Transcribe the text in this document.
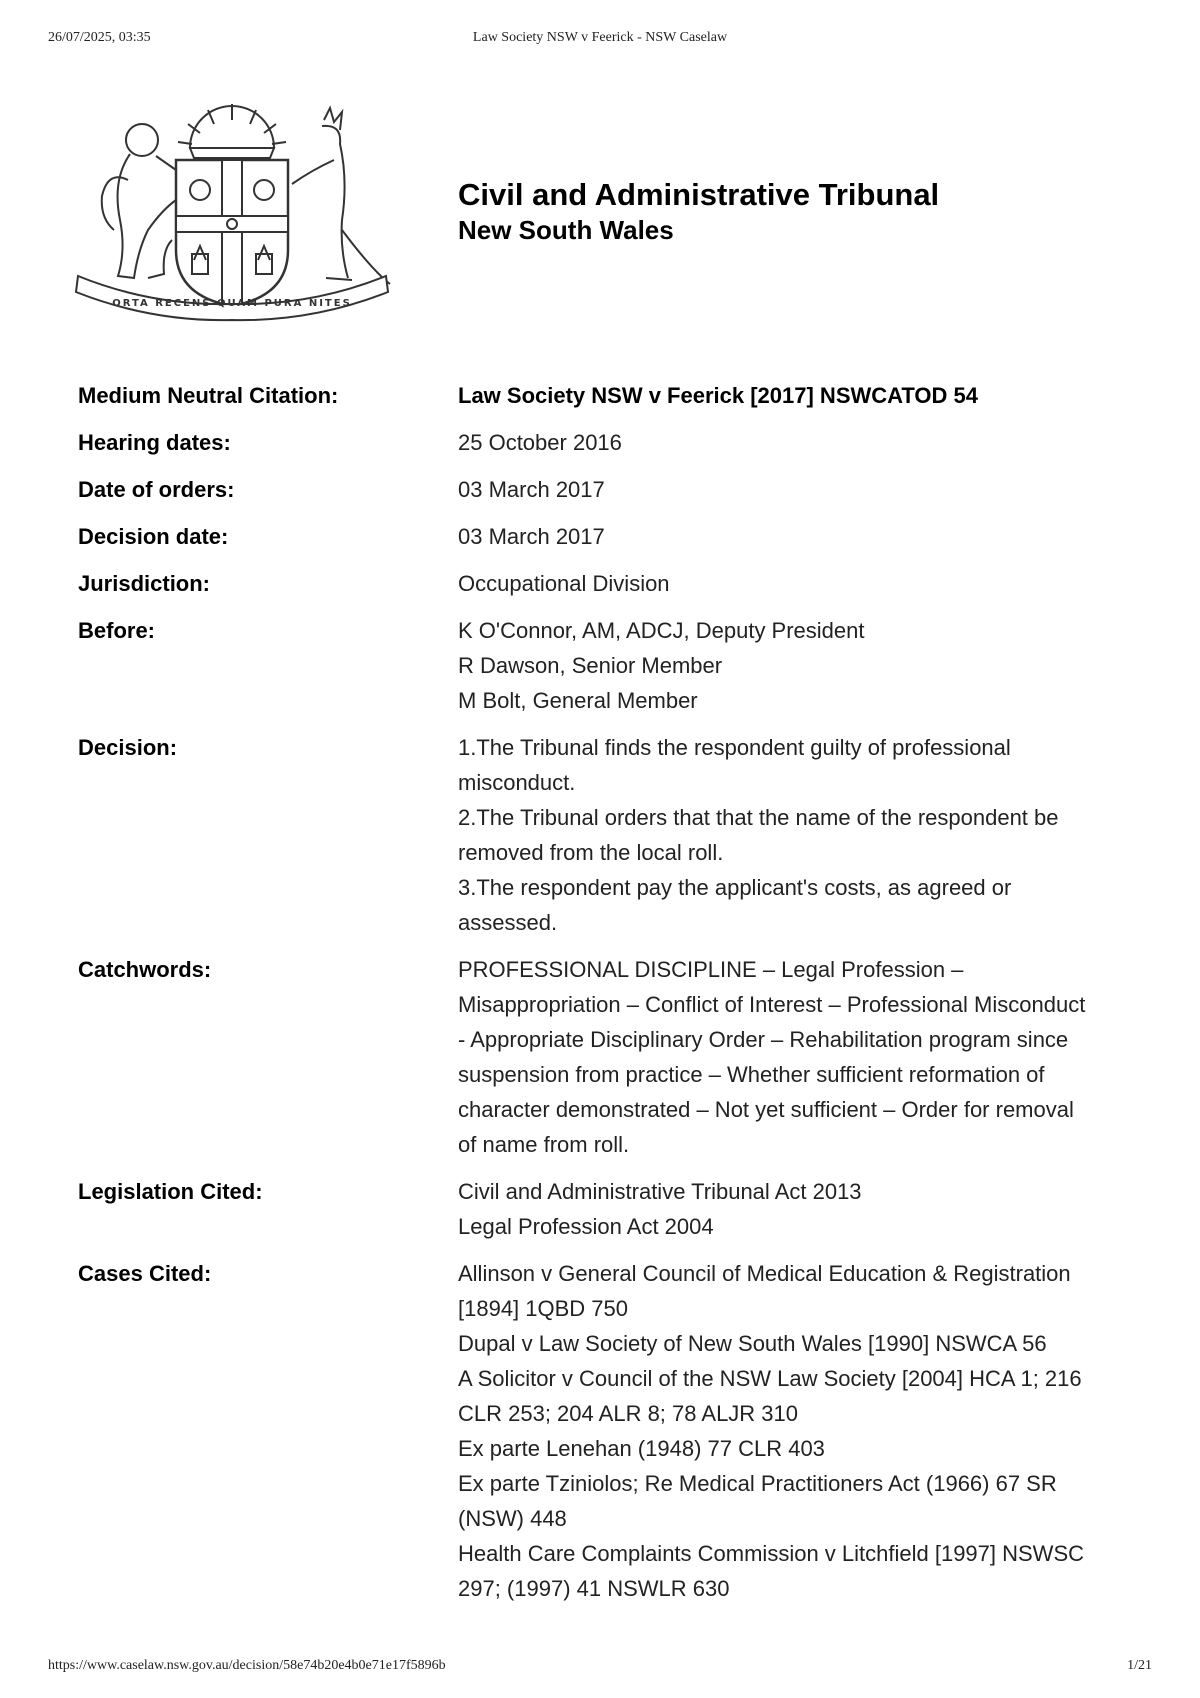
26/07/2025, 03:35	Law Society NSW v Feerick - NSW Caselaw
ORTA RECENS QUAM PURA NITES
Civil and Administrative Tribunal
New South Wales
Medium Neutral Citation:	Law Society NSW v Feerick [2017] NSWCATOD 54
Hearing dates:	25 October 2016
Date of orders:	03 March 2017
Decision date:	03 March 2017
Jurisdiction:	Occupational Division
Before:	K O'Connor, AM, ADCJ, Deputy President
R Dawson, Senior Member
M Bolt, General Member
Decision:	1.The Tribunal finds the respondent guilty of professional misconduct.
2.The Tribunal orders that that the name of the respondent be removed from the local roll.
3.The respondent pay the applicant's costs, as agreed or assessed.
Catchwords:	PROFESSIONAL DISCIPLINE – Legal Profession – Misappropriation – Conflict of Interest – Professional Misconduct - Appropriate Disciplinary Order – Rehabilitation program since suspension from practice – Whether sufficient reformation of character demonstrated – Not yet sufficient – Order for removal of name from roll.
Legislation Cited:	Civil and Administrative Tribunal Act 2013
Legal Profession Act 2004
Cases Cited:	Allinson v General Council of Medical Education & Registration [1894] 1QBD 750
Dupal v Law Society of New South Wales [1990] NSWCA 56
A Solicitor v Council of the NSW Law Society [2004] HCA 1; 216 CLR 253; 204 ALR 8; 78 ALJR 310
Ex parte Lenehan (1948) 77 CLR 403
Ex parte Tziniolos; Re Medical Practitioners Act (1966) 67 SR (NSW) 448
Health Care Complaints Commission v Litchfield [1997] NSWSC 297; (1997) 41 NSWLR 630
https://www.caselaw.nsw.gov.au/decision/58e74b20e4b0e71e17f5896b	1/21
